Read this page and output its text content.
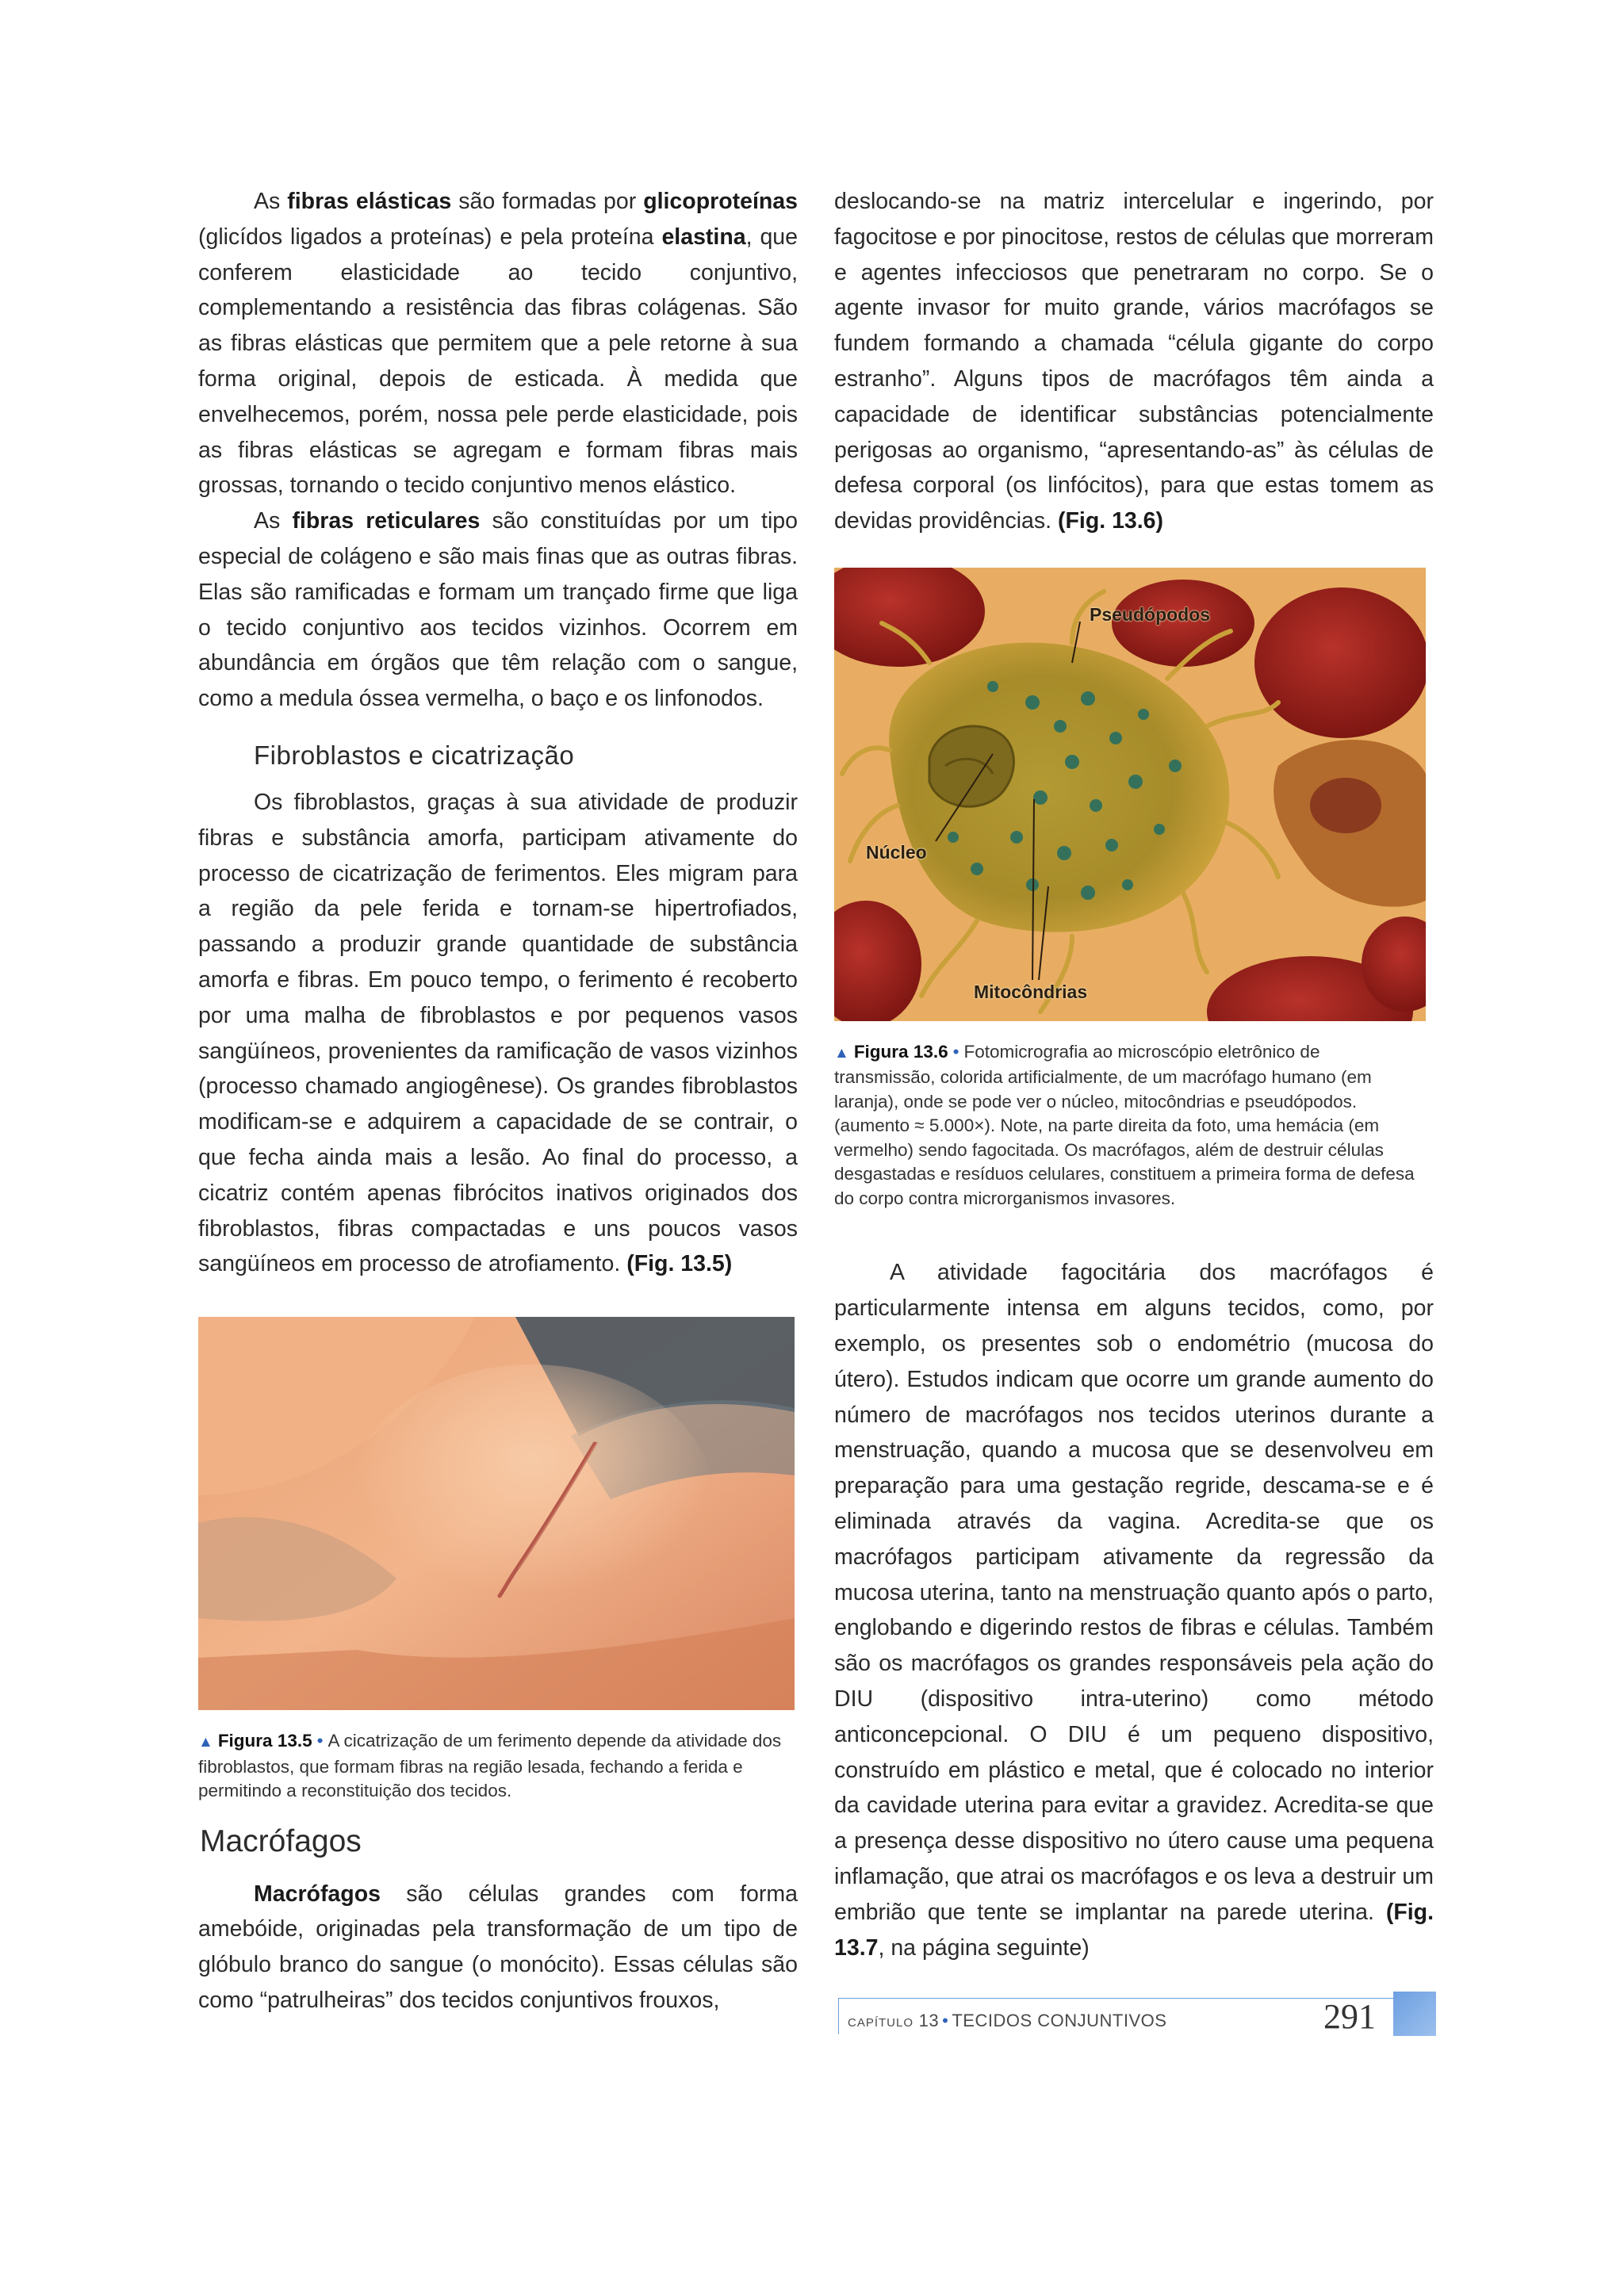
As fibras elásticas são formadas por glicoproteínas (glicídos ligados a proteínas) e pela proteína elastina, que conferem elasticidade ao tecido conjuntivo, complementando a resistência das fibras colágenas. São as fibras elásticas que permitem que a pele retorne à sua forma original, depois de esticada. À medida que envelhecemos, porém, nossa pele perde elasticidade, pois as fibras elásticas se agregam e formam fibras mais grossas, tornando o tecido conjuntivo menos elástico.

As fibras reticulares são constituídas por um tipo especial de colágeno e são mais finas que as outras fibras. Elas são ramificadas e formam um trançado firme que liga o tecido conjuntivo aos tecidos vizinhos. Ocorrem em abundância em órgãos que têm relação com o sangue, como a medula óssea vermelha, o baço e os linfonodos.

Fibroblastos e cicatrização

Os fibroblastos, graças à sua atividade de produzir fibras e substância amorfa, participam ativamente do processo de cicatrização de ferimentos. Eles migram para a região da pele ferida e tornam-se hipertrofiados, passando a produzir grande quantidade de substância amorfa e fibras. Em pouco tempo, o ferimento é recoberto por uma malha de fibroblastos e por pequenos vasos sangüíneos, provenientes da ramificação de vasos vizinhos (processo chamado angiogênese). Os grandes fibroblastos modificam-se e adquirem a capacidade de se contrair, o que fecha ainda mais a lesão. Ao final do processo, a cicatriz contém apenas fibrócitos inativos originados dos fibroblastos, fibras compactadas e uns poucos vasos sangüíneos em processo de atrofiamento. (Fig. 13.5)

▲ Figura 13.5 • A cicatrização de um ferimento depende da atividade dos fibroblastos, que formam fibras na região lesada, fechando a ferida e permitindo a reconstituição dos tecidos.
Macrófagos

Macrófagos são células grandes com forma amebóide, originadas pela transformação de um tipo de glóbulo branco do sangue (o monócito). Essas células são como “patrulheiras” dos tecidos conjuntivos frouxos,

deslocando-se na matriz intercelular e ingerindo, por fagocitose e por pinocitose, restos de células que morreram e agentes infecciosos que penetraram no corpo. Se o agente invasor for muito grande, vários macrófagos se fundem formando a chamada “célula gigante do corpo estranho”. Alguns tipos de macrófagos têm ainda a capacidade de identificar substâncias potencialmente perigosas ao organismo, “apresentando-as” às células de defesa corporal (os linfócitos), para que estas tomem as devidas providências. (Fig. 13.6)

Pseudópodos
Núcleo
Mitocôndrias
▲ Figura 13.6 • Fotomicrografia ao microscópio eletrônico de transmissão, colorida artificialmente, de um macrófago humano (em laranja), onde se pode ver o núcleo, mitocôndrias e pseudópodos. (aumento ≈ 5.000×). Note, na parte direita da foto, uma hemácia (em vermelho) sendo fagocitada. Os macrófagos, além de destruir células desgastadas e resíduos celulares, constituem a primeira forma de defesa do corpo contra microrganismos invasores.

A atividade fagocitária dos macrófagos é particularmente intensa em alguns tecidos, como, por exemplo, os presentes sob o endométrio (mucosa do útero). Estudos indicam que ocorre um grande aumento do número de macrófagos nos tecidos uterinos durante a menstruação, quando a mucosa que se desenvolveu em preparação para uma gestação regride, descama-se e é eliminada através da vagina. Acredita-se que os macrófagos participam ativamente da regressão da mucosa uterina, tanto na menstruação quanto após o parto, englobando e digerindo restos de fibras e células. Também são os macrófagos os grandes responsáveis pela ação do DIU (dispositivo intra-uterino) como método anticoncepcional. O DIU é um pequeno dispositivo, construído em plástico e metal, que é colocado no interior da cavidade uterina para evitar a gravidez. Acredita-se que a presença desse dispositivo no útero cause uma pequena inflamação, que atrai os macrófagos e os leva a destruir um embrião que tente se implantar na parede uterina. (Fig. 13.7, na página seguinte)

CAPÍTULO 13 • TECIDOS CONJUNTIVOS	291
